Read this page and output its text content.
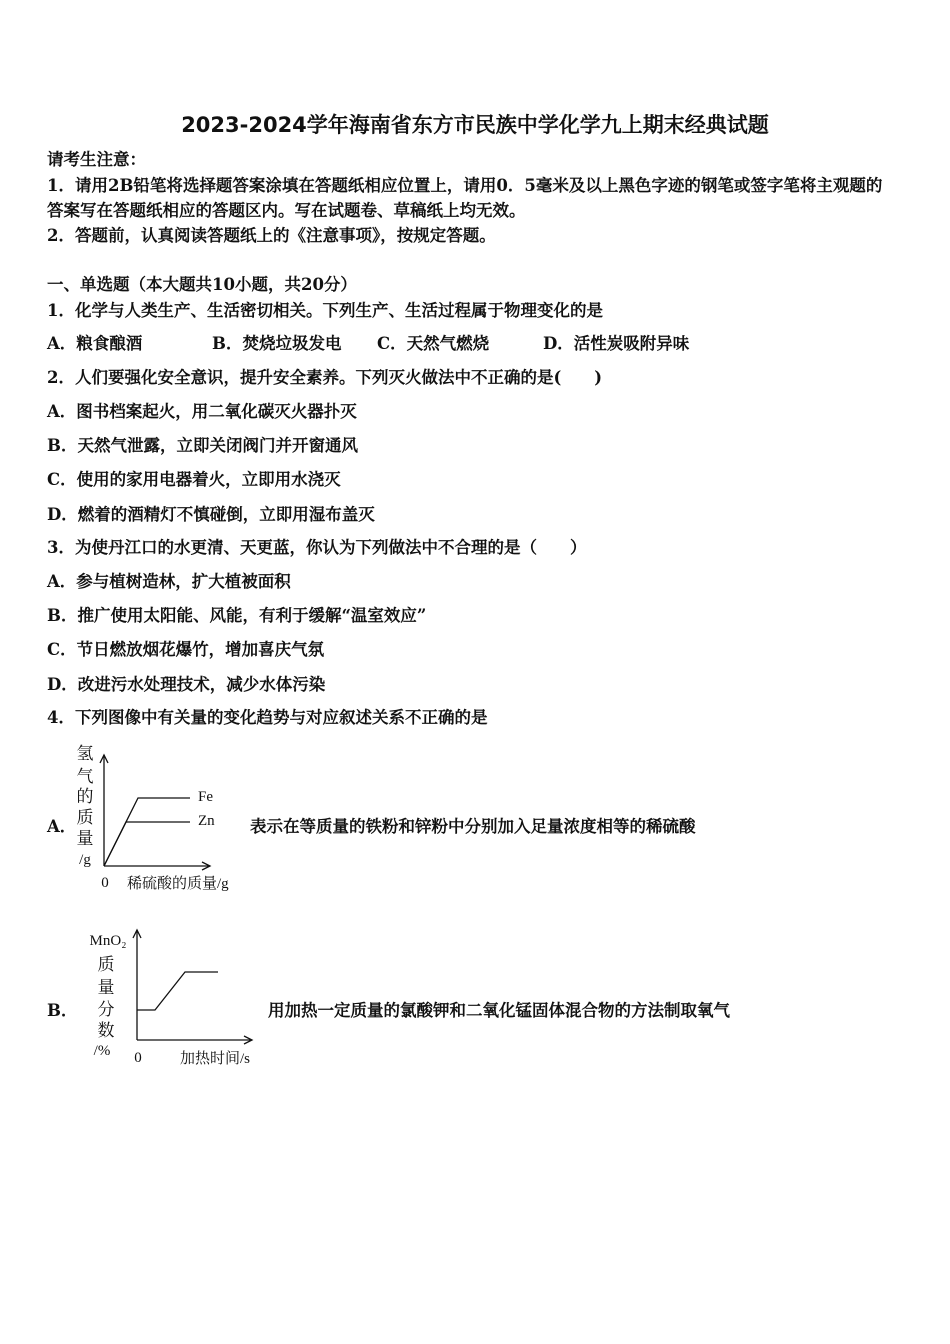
2023-2024学年海南省东方市民族中学化学九上期末经典试题
请考生注意：
1．请用2B铅笔将选择题答案涂填在答题纸相应位置上，请用0．5毫米及以上黑色字迹的钢笔或签字笔将主观题的
答案写在答题纸相应的答题区内。写在试题卷、草稿纸上均无效。
2．答题前，认真阅读答题纸上的《注意事项》，按规定答题。
一、单选题（本大题共10小题，共20分）
1．化学与人类生产、生活密切相关。下列生产、生活过程属于物理变化的是
A．粮食酿酒	B．焚烧垃圾发电 C．天然气燃烧	D．活性炭吸附异味
2．人们要强化安全意识，提升安全素养。下列灭火做法中不正确的是(　　)
A．图书档案起火，用二氧化碳灭火器扑灭
B．天然气泄露，立即关闭阀门并开窗通风
C．使用的家用电器着火，立即用水浇灭
D．燃着的酒精灯不慎碰倒，立即用湿布盖灭
3．为使丹江口的水更清、天更蓝，你认为下列做法中不合理的是（　　）
A．参与植树造林，扩大植被面积
B．推广使用太阳能、风能，有利于缓解“温室效应”
C．节日燃放烟花爆竹，增加喜庆气氛
D．改进污水处理技术，减少水体污染
4．下列图像中有关量的变化趋势与对应叙述关系不正确的是
A．
Fe
Zn
氢
气
的
质
量
/g
0 稀硫酸的质量/g
表示在等质量的铁粉和锌粉中分别加入足量浓度相等的稀硫酸
B．
MnO₂
质
量
分
数
/% 0	加热时间/s
用加热一定质量的氯酸钾和二氧化锰固体混合物的方法制取氧气
